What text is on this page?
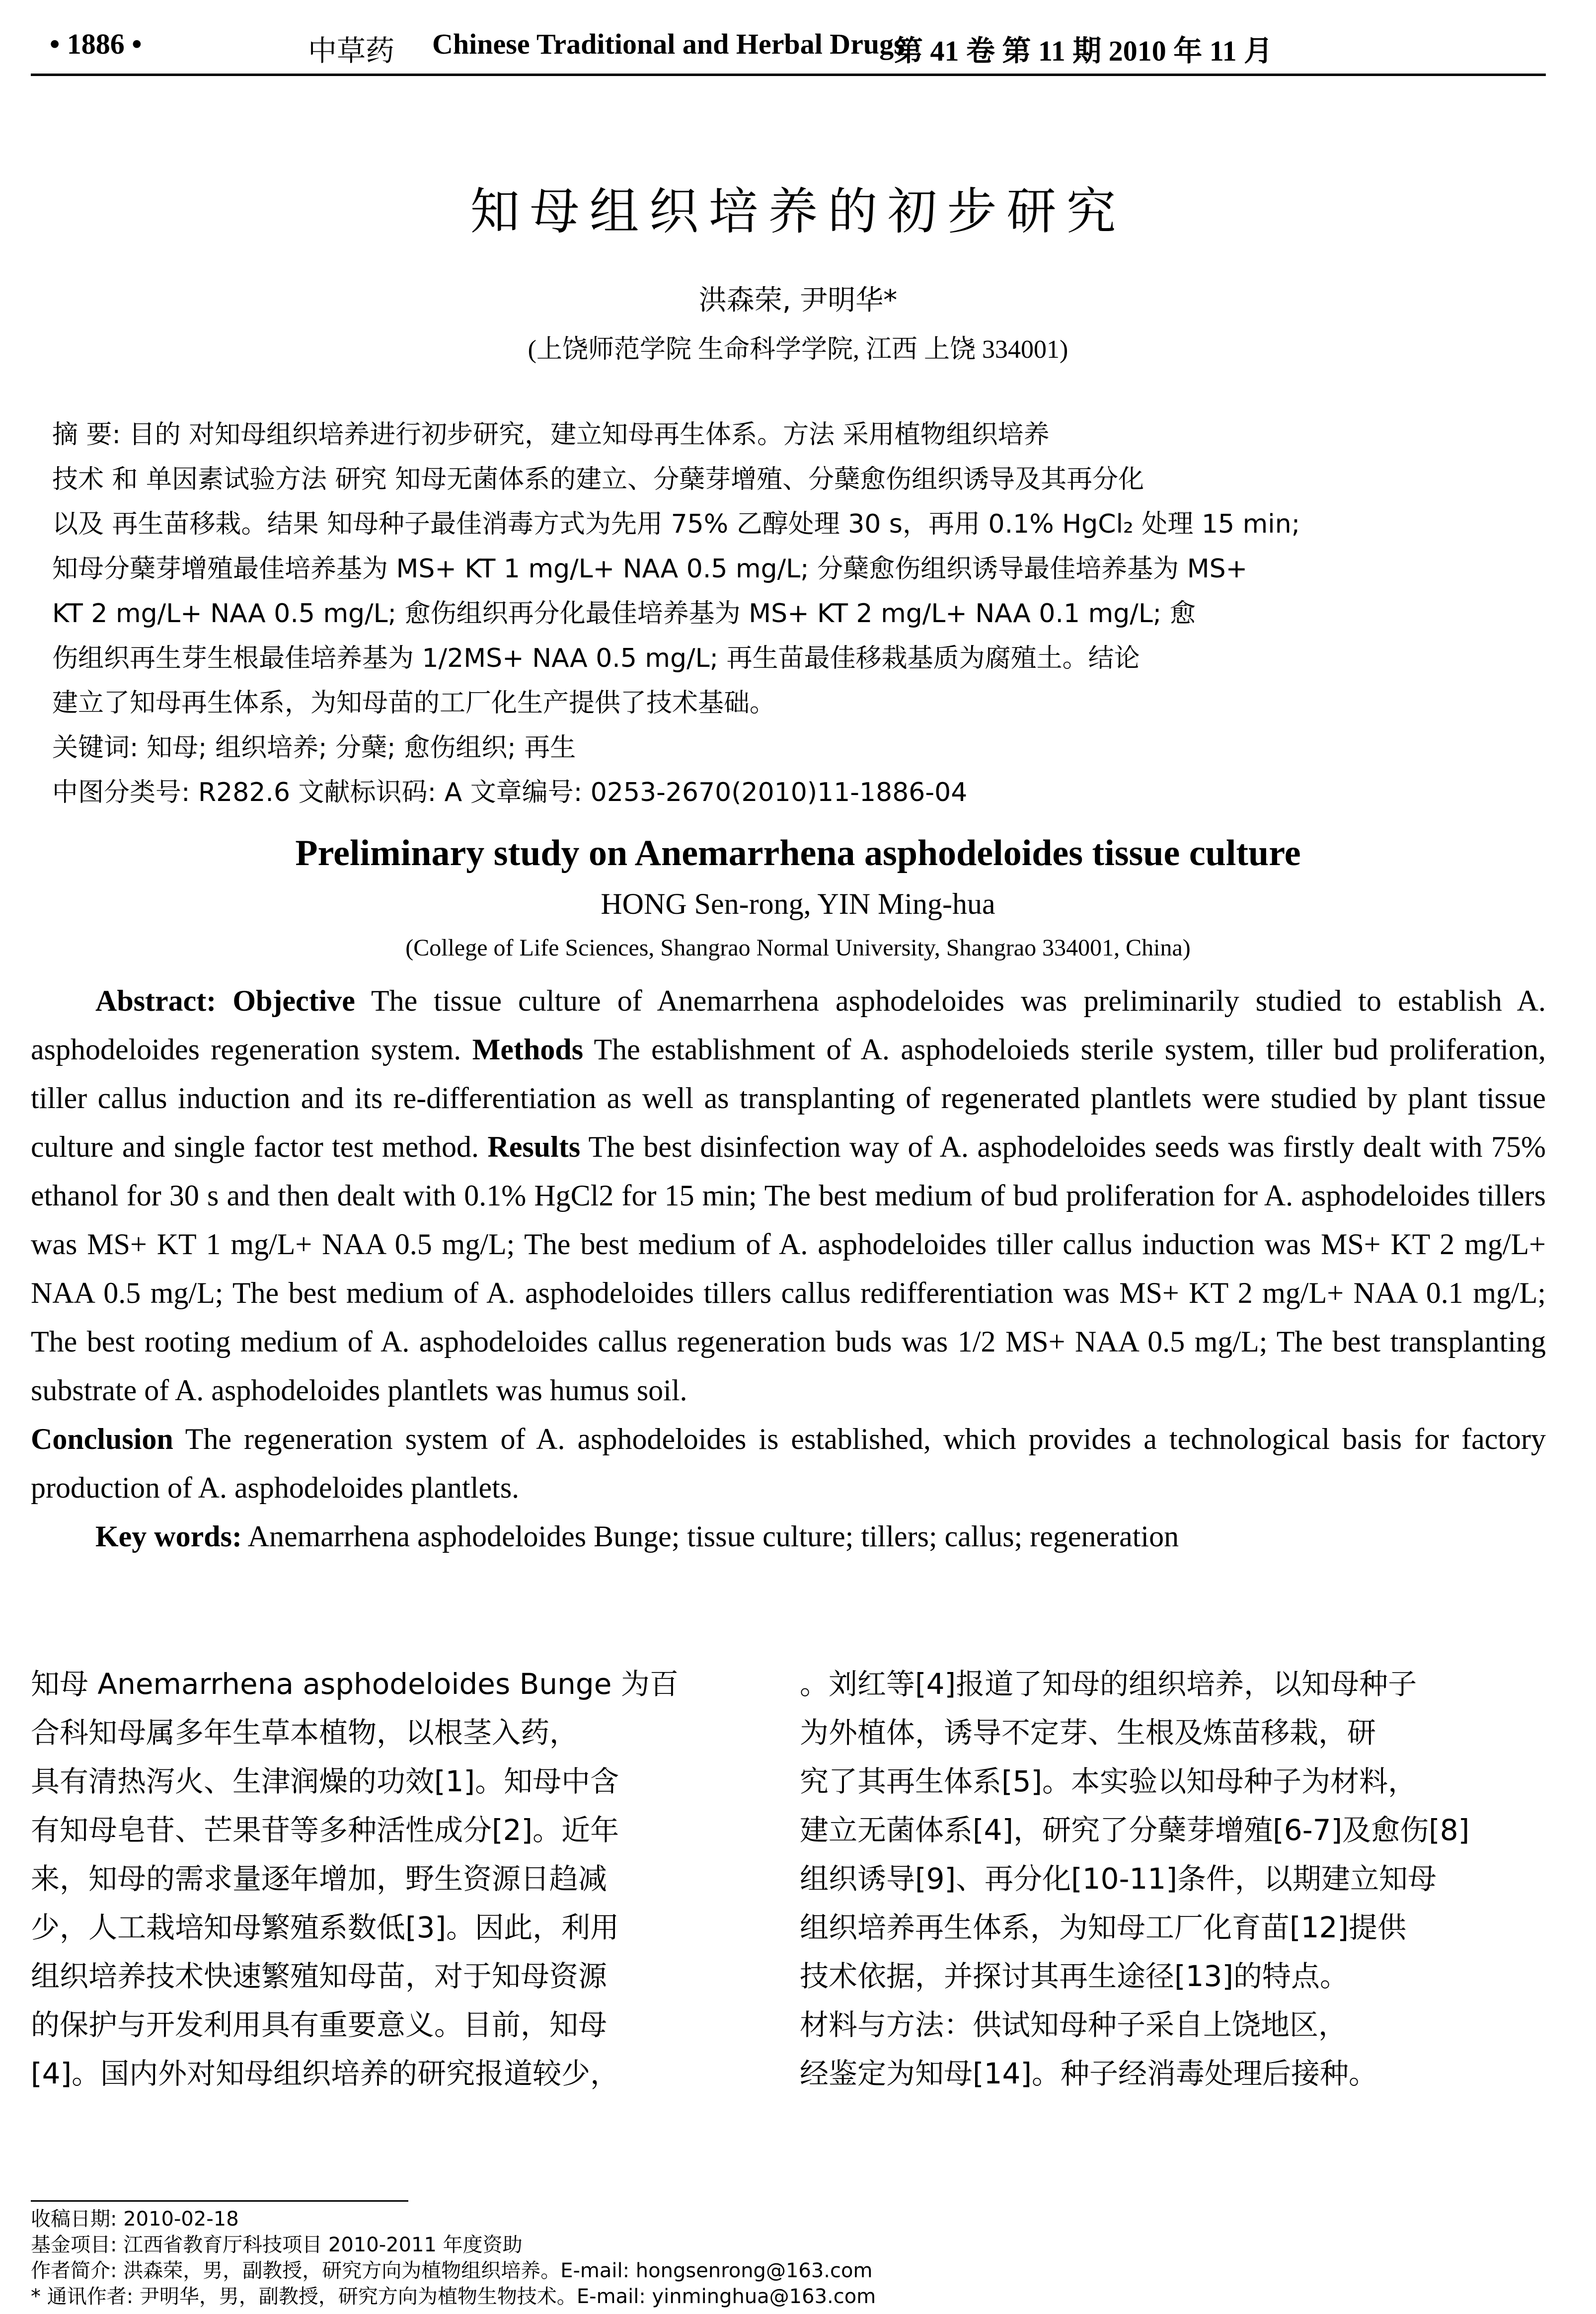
• 1886 •	中草药 Chinese Traditional and Herbal Drugs
第 41 卷 第 11 期 2010 年 11 月
知母组织培养的初步研究
洪森荣, 尹明华*
(上饶师范学院 生命科学学院, 江西 上饶 334001)

摘 要: 目的 对知母组织培养进行初步研究，建立知母再生体系。方法 采用植物组织培养

技术 和 单因素试验方法 研究 知母无菌体系的建立、分蘖芽增殖、分蘖愈伤组织诱导及其再分化

以及 再生苗移栽。结果 知母种子最佳消毒方式为先用 75% 乙醇处理 30 s，再用 0.1% HgCl₂ 处理 15 min;

知母分蘖芽增殖最佳培养基为 MS+ KT 1 mg/L+ NAA 0.5 mg/L; 分蘖愈伤组织诱导最佳培养基为 MS+

KT 2 mg/L+ NAA 0.5 mg/L; 愈伤组织再分化最佳培养基为 MS+ KT 2 mg/L+ NAA 0.1 mg/L; 愈

伤组织再生芽生根最佳培养基为 1/2MS+ NAA 0.5 mg/L; 再生苗最佳移栽基质为腐殖土。结论

建立了知母再生体系，为知母苗的工厂化生产提供了技术基础。

关键词: 知母; 组织培养; 分蘖; 愈伤组织; 再生

中图分类号: R282.6 文献标识码: A 文章编号: 0253-2670(2010)11-1886-04

Preliminary study on Anemarrhena asphodeloides tissue culture
HONG Sen-rong, YIN Ming-hua
(College of Life Sciences, Shangrao Normal University, Shangrao 334001, China)

Abstract: Objective The tissue culture of Anemarrhena asphodeloides was preliminarily studied to establish A. asphodeloides regeneration system. Methods The establishment of A. asphodeloieds sterile system, tiller bud proliferation, tiller callus induction and its re-differentiation as well as transplanting of regenerated plantlets were studied by plant tissue culture and single factor test method. Results The best disinfection way of A. asphodeloides seeds was firstly dealt with 75% ethanol for 30 s and then dealt with 0.1% HgCl2 for 15 min; The best medium of bud proliferation for A. asphodeloides tillers was MS+ KT 1 mg/L+ NAA 0.5 mg/L; The best medium of A. asphodeloides tiller callus induction was MS+ KT 2 mg/L+ NAA 0.5 mg/L; The best medium of A. asphodeloides tillers callus redifferentiation was MS+ KT 2 mg/L+ NAA 0.1 mg/L; The best rooting medium of A. asphodeloides callus regeneration buds was 1/2 MS+ NAA 0.5 mg/L; The best transplanting substrate of A. asphodeloides plantlets was humus soil.

Conclusion The regeneration system of A. asphodeloides is established, which provides a technological basis for factory production of A. asphodeloides plantlets.

Key words: Anemarrhena asphodeloides Bunge; tissue culture; tillers; callus; regeneration

知母 Anemarrhena asphodeloides Bunge 为百

合科知母属多年生草本植物，以根茎入药，

具有清热泻火、生津润燥的功效[1]。知母中含

有知母皂苷、芒果苷等多种活性成分[2]。近年

来，知母的需求量逐年增加，野生资源日趋减

少，人工栽培知母繁殖系数低[3]。因此，利用

组织培养技术快速繁殖知母苗，对于知母资源

的保护与开发利用具有重要意义。目前，知母

[4]。国内外对知母组织培养的研究报道较少，

。刘红等[4]报道了知母的组织培养，以知母种子

为外植体，诱导不定芽、生根及炼苗移栽，研

究了其再生体系[5]。本实验以知母种子为材料，

建立无菌体系[4]，研究了分蘖芽增殖[6-7]及愈伤[8]

组织诱导[9]、再分化[10-11]条件，以期建立知母

组织培养再生体系，为知母工厂化育苗[12]提供

技术依据，并探讨其再生途径[13]的特点。

材料与方法：供试知母种子采自上饶地区，

经鉴定为知母[14]。种子经消毒处理后接种。

收稿日期: 2010-02-18

基金项目: 江西省教育厅科技项目 2010-2011 年度资助

作者简介: 洪森荣，男，副教授，研究方向为植物组织培养。E-mail: hongsenrong@163.com

* 通讯作者: 尹明华，男，副教授，研究方向为植物生物技术。E-mail: yinminghua@163.com
